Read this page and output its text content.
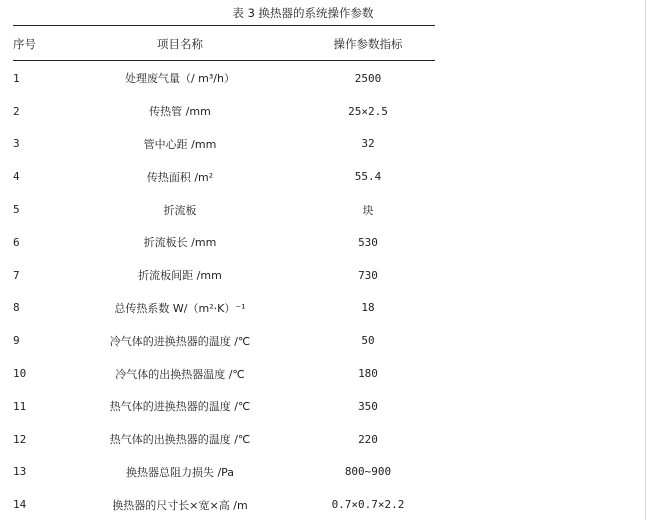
表 3 换热器的系统操作参数
序号	项目名称	操作参数指标

1	处理废气量（/ m³/h）	2500
2	传热管 /mm	25×2.5
3	管中心距 /mm	32
4	传热面积 /m²	55.4
5	折流板	块
6	折流板长 /mm	530
7	折流板间距 /mm	730
8	总传热系数 W/（m²·K）⁻¹	18
9	冷气体的进换热器的温度 /℃	50
10	冷气体的出换热器温度 /℃	180
11	热气体的进换热器的温度 /℃	350
12	热气体的出换热器的温度 /℃	220
13	换热器总阻力损失 /Pa	800~900
14	换热器的尺寸长×宽×高 /m	0.7×0.7×2.2
